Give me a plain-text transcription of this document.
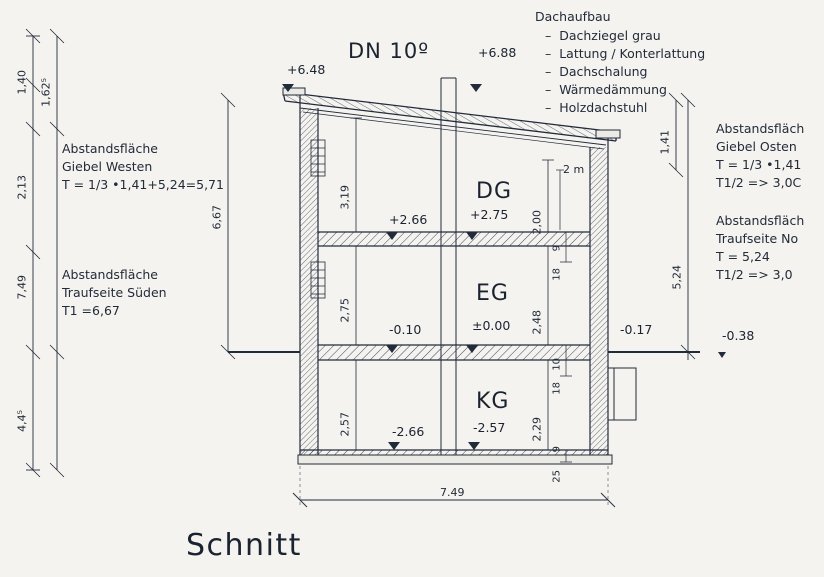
Dachaufbau
–  Dachziegel grau
–  Lattung / Konterlattung
–  Dachschalung
–  Wärmedämmung
–  Holzdachstuhl
DN 10º
Abstandsfläche
Giebel Westen
T = 1/3 •1,41+5,24=5,71
Abstandsfläche
Traufseite Süden
T1 =6,67
Abstandsfläch
Giebel Osten
T = 1/3 •1,41
T1/2 => 3,0C
Abstandsfläch
Traufseite No
T = 5,24
T1/2 => 3,0
DG
EG
KG
+6.48
+6.88
+2.66	+2.75
-0.10	±0.00	-0.17	-0.38
-2.66	-2.57
7.49
1,40 1,62⁵
2,13
7,49
4,4⁵
6,67
5,24
1,41
3,19
2,75
2,57
2,00
2,48
2,29
9
18
10
18
9
25
2 m
Schnitt
